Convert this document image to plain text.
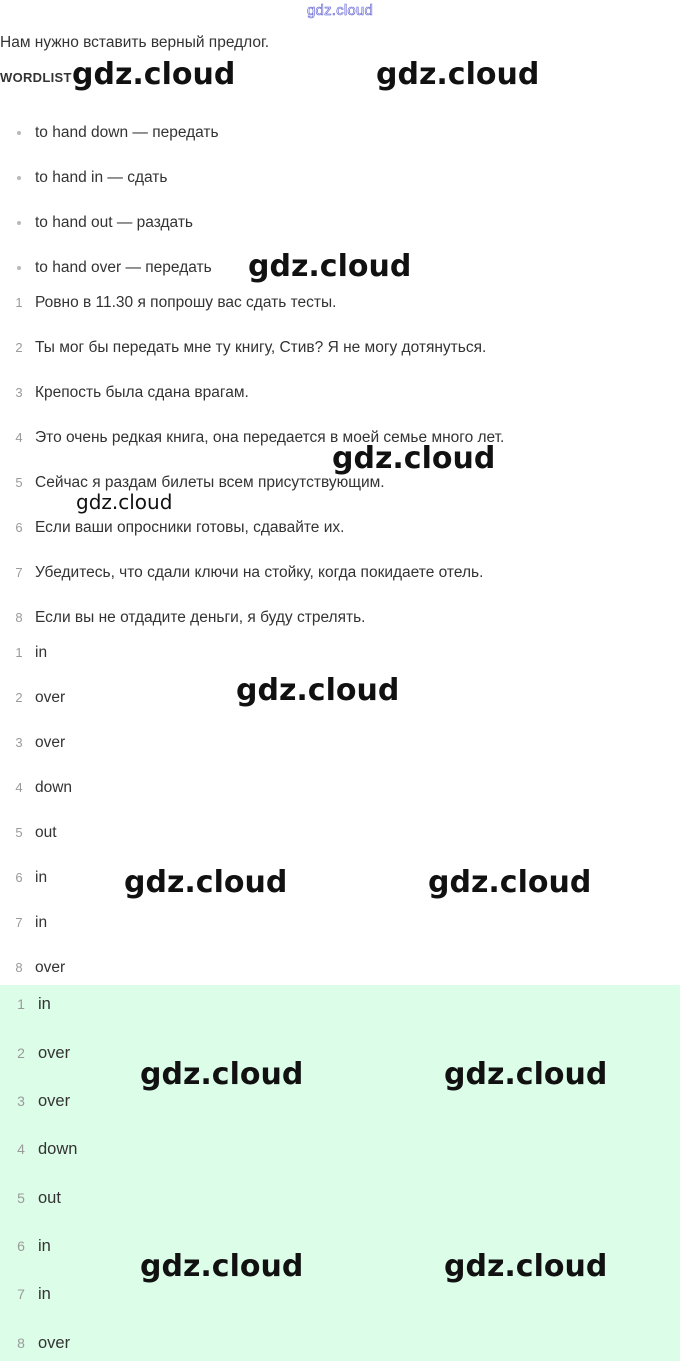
gdz.cloud
Нам нужно вставить верный предлог.
WORDLIST
to hand down — передать
to hand in — сдать
to hand out — раздать
to hand over — передать
1 Ровно в 11.30 я попрошу вас сдать тесты.
2 Ты мог бы передать мне ту книгу, Стив? Я не могу дотянуться.
3 Крепость была сдана врагам.
4 Это очень редкая книга, она передается в моей семье много лет.
5 Сейчас я раздам билеты всем присутствующим.
6 Если ваши опросники готовы, сдавайте их.
7 Убедитесь, что сдали ключи на стойку, когда покидаете отель.
8 Если вы не отдадите деньги, я буду стрелять.
1 in
2 over
3 over
4 down
5 out
6 in
7 in
8 over
1 in
2 over
3 over
4 down
5 out
6 in
7 in
8 over
gdz.cloud	gdz.cloud
gdz.cloud
gdz.cloud
gdz.cloud
gdz.cloud
gdz.cloud	gdz.cloud
gdz.cloud	gdz.cloud
gdz.cloud	gdz.cloud
